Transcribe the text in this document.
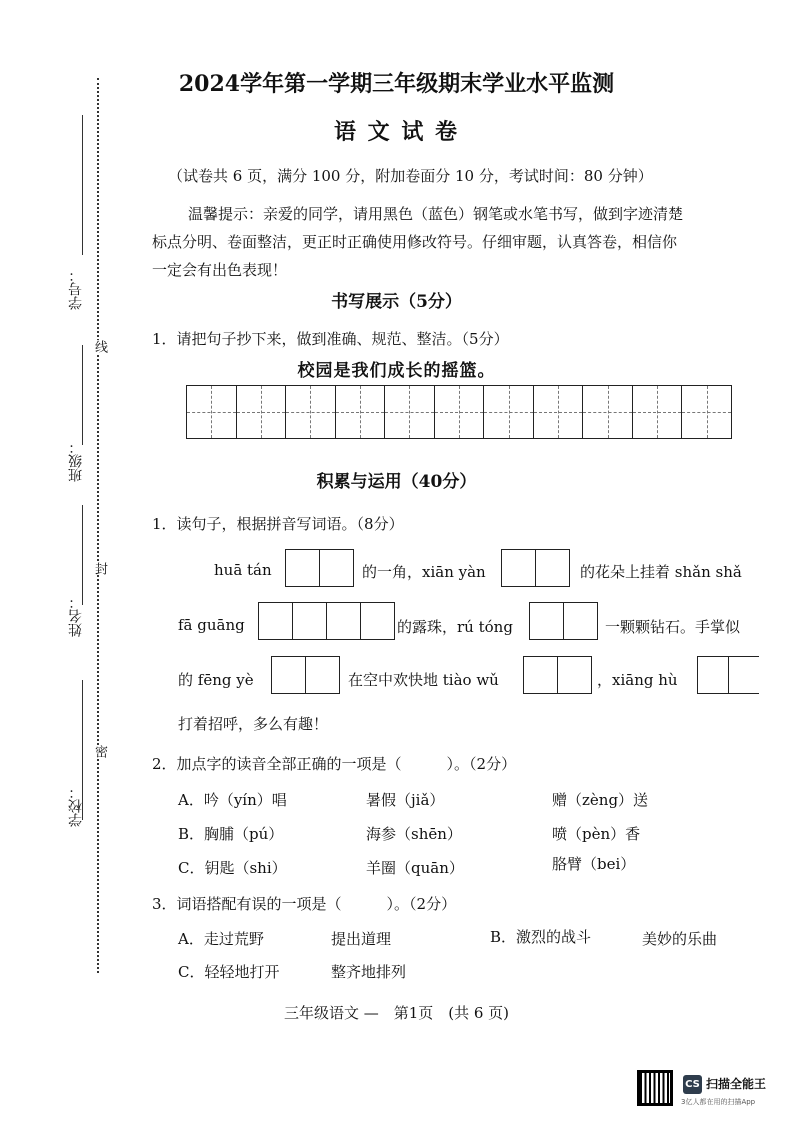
学号：
班级：
姓名：
学校：
线
封
密
2024学年第一学期三年级期末学业水平监测
语 文 试 卷
（试卷共 6 页，满分 100 分，附加卷面分 10 分，考试时间：80 分钟）
温馨提示：亲爱的同学，请用黑色（蓝色）钢笔或水笔书写，做到字迹清楚
标点分明、卷面整洁，更正时正确使用修改符号。仔细审题，认真答卷，相信你
一定会有出色表现！
书写展示（5分）
1．请把句子抄下来，做到准确、规范、整洁。（5分）
校园是我们成长的摇篮。
积累与运用（40分）
1．读句子，根据拼音写词语。（8分）
huā tán	的一角，xiān yàn	的花朵上挂着 shǎn shǎ
fā guāng	的露珠，rú tóng	一颗颗钻石。手掌似
的 fēng yè	在空中欢快地 tiào wǔ	，xiāng hù
打着招呼，多么有趣！
2．加点字的读音全部正确的一项是（　　　）。（2分）
A．吟（yín）唱	暑假（jiǎ）	赠（zèng）送
B．胸脯（pú）	海参（shēn）	喷（pèn）香
C．钥匙（shi）	羊圈（quān）	胳臂（bei）
3．词语搭配有误的一项是（　　　）。（2分）
A．走过荒野	提出道理	B．激烈的战斗	美妙的乐曲
C．轻轻地打开	整齐地排列
三年级语文 —　第1页　(共 6 页)
CS 扫描全能王
3亿人都在用的扫描App
